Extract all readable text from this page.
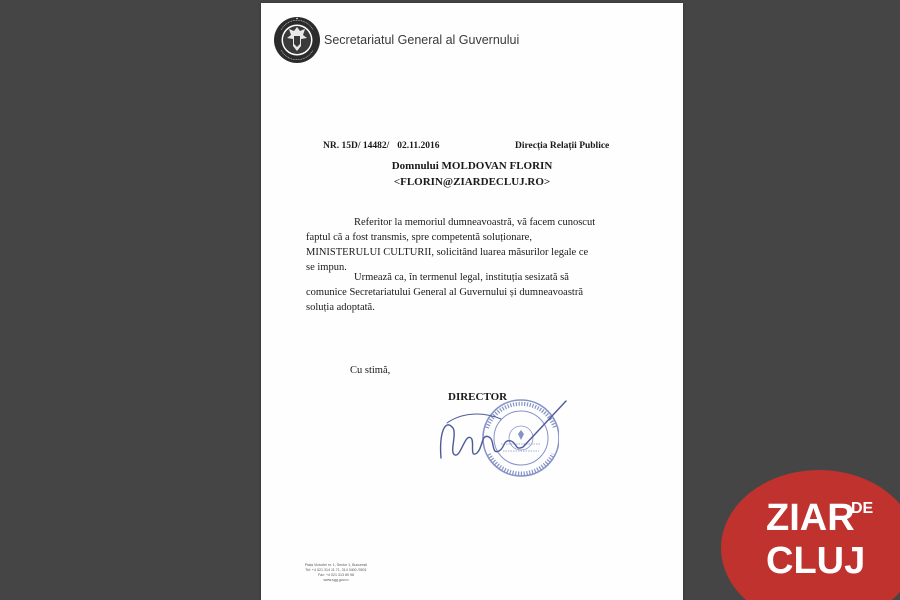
Secretariatul General al Guvernului
NR. 15D/ 14482/ 02.11.2016	Direcția Relații Publice
Domnului MOLDOVAN FLORIN
<FLORIN@ZIARDECLUJ.RO>
Referitor la memoriul dumneavoastră, vă facem cunoscut
faptul că a fost transmis, spre competentă soluționare,
MINISTERULUI CULTURII, solicitând luarea măsurilor legale ce
se impun.
Urmează ca, în termenul legal, instituția sesizată să
comunice Secretariatului General al Guvernului și dumneavoastră
soluția adoptată.
Cu stimă,
DIRECTOR
Piața Victoriei nr. 1, Sector 1, București
Tel: +4 021 314 11 71, 314 3400 /3501
Fax: +4 021 313 89 96
www.sgg.gov.ro
ZIAR
DE
CLUJ
